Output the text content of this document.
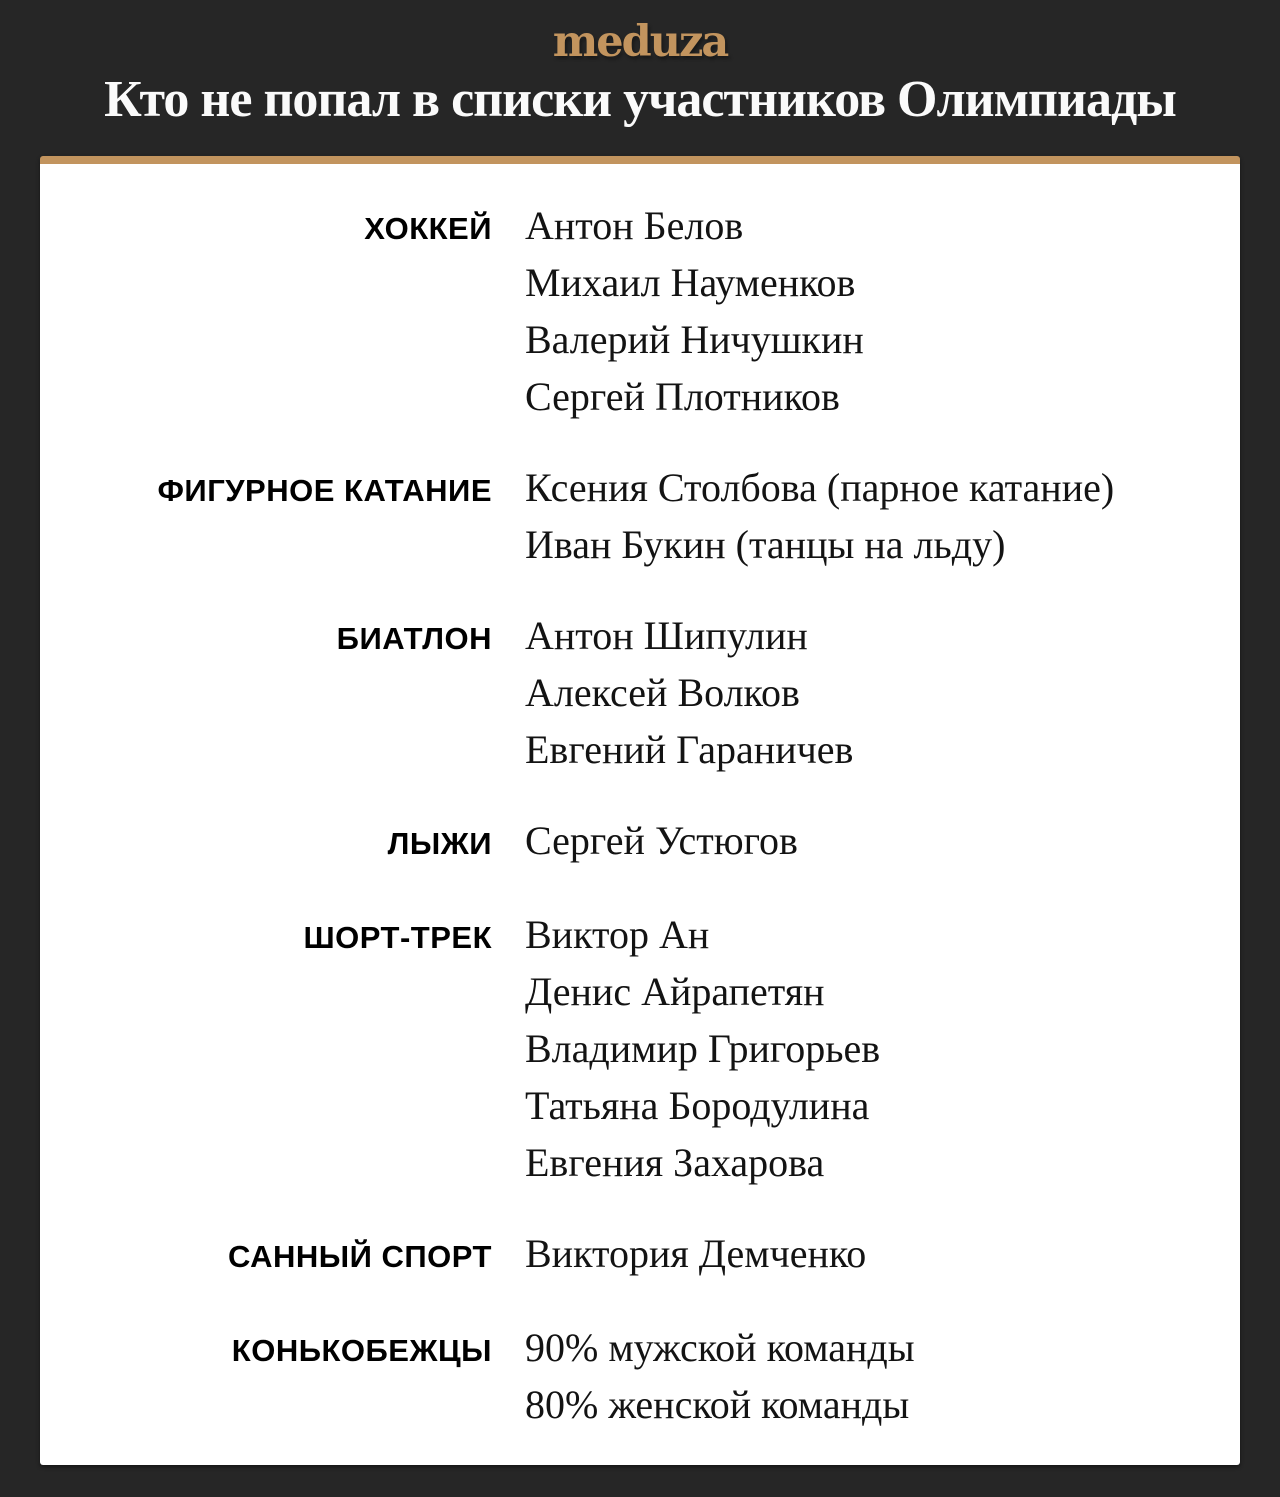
meduza
Кто не попал в списки участников Олимпиады
ХОККЕЙ Антон Белов
Михаил Науменков
Валерий Ничушкин
Сергей Плотников
ФИГУРНОЕ КАТАНИЕ Ксения Столбова (парное катание)
Иван Букин (танцы на льду)
БИАТЛОН Антон Шипулин
Алексей Волков
Евгений Гараничев
ЛЫЖИ Сергей Устюгов
ШОРТ-ТРЕК Виктор Ан
Денис Айрапетян
Владимир Григорьев
Татьяна Бородулина
Евгения Захарова
САННЫЙ СПОРТ Виктория Демченко
КОНЬКОБЕЖЦЫ 90% мужской команды
80% женской команды
